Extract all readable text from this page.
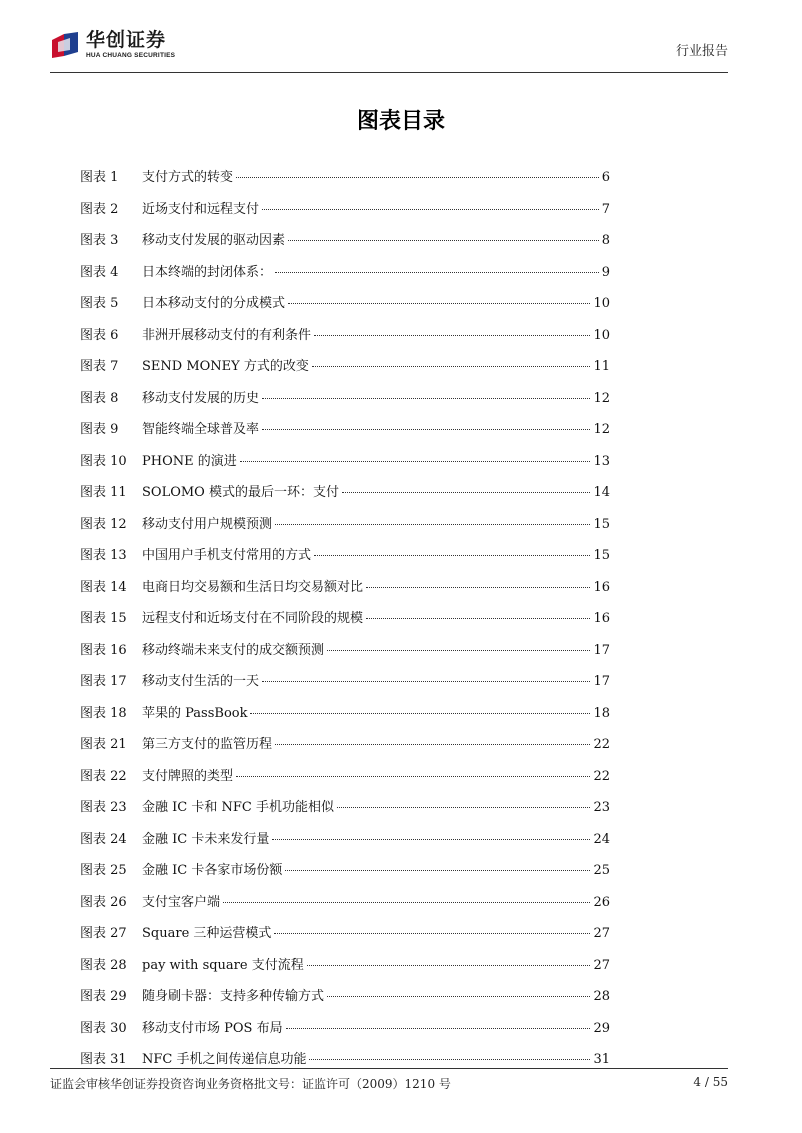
华创证券
HUA CHUANG SECURITIES	行业报告
图表目录
图表 1	支付方式的转变	6
图表 2	近场支付和远程支付	7
图表 3	移动支付发展的驱动因素	8
图表 4	日本终端的封闭体系：	9
图表 5	日本移动支付的分成模式	10
图表 6	非洲开展移动支付的有利条件	10
图表 7	SEND MONEY 方式的改变	11
图表 8	移动支付发展的历史	12
图表 9	智能终端全球普及率	12
图表 10	PHONE 的演进	13
图表 11	SOLOMO 模式的最后一环：支付	14
图表 12	移动支付用户规模预测	15
图表 13	中国用户手机支付常用的方式	15
图表 14	电商日均交易额和生活日均交易额对比	16
图表 15	远程支付和近场支付在不同阶段的规模	16
图表 16	移动终端未来支付的成交额预测	17
图表 17	移动支付生活的一天	17
图表 18	苹果的 PassBook	18
图表 21	第三方支付的监管历程	22
图表 22	支付牌照的类型	22
图表 23	金融 IC 卡和 NFC 手机功能相似	23
图表 24	金融 IC 卡未来发行量	24
图表 25	金融 IC 卡各家市场份额	25
图表 26	支付宝客户端	26
图表 27	Square 三种运营模式	27
图表 28	pay with square 支付流程	27
图表 29	随身刷卡器：支持多种传输方式	28
图表 30	移动支付市场 POS 布局	29
图表 31	NFC 手机之间传递信息功能	31
证监会审核华创证券投资咨询业务资格批文号：证监许可（2009）1210 号	4 / 55
